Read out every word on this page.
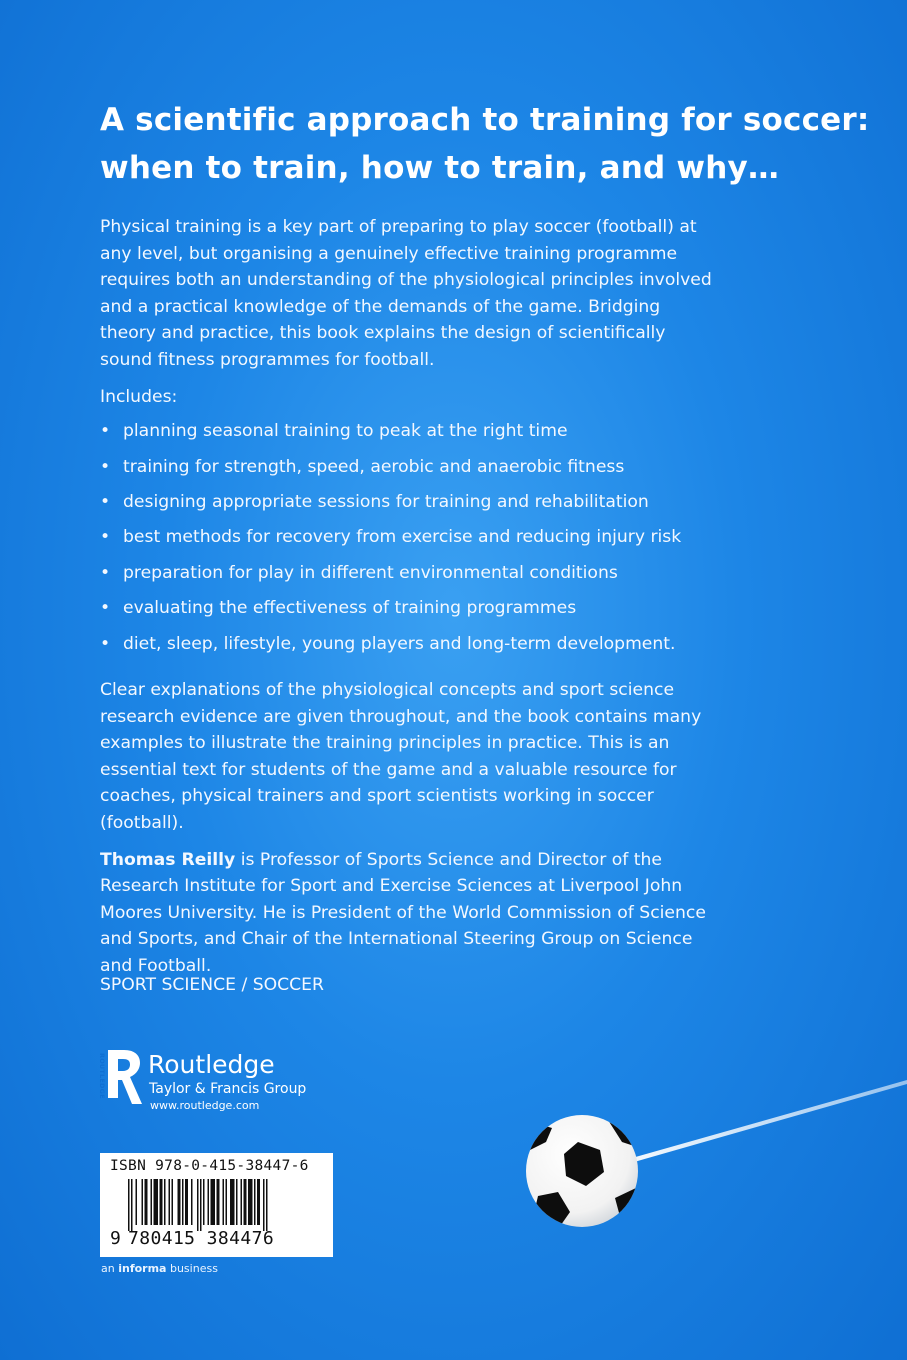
A scientific approach to training for soccer:
when to train, how to train, and why…

Physical training is a key part of preparing to play soccer (football) at any level, but organising a genuinely effective training programme requires both an understanding of the physiological principles involved and a practical knowledge of the demands of the game. Bridging theory and practice, this book explains the design of scientifically sound fitness programmes for football.

Includes:

• planning seasonal training to peak at the right time
• training for strength, speed, aerobic and anaerobic fitness
• designing appropriate sessions for training and rehabilitation
• best methods for recovery from exercise and reducing injury risk
• preparation for play in different environmental conditions
• evaluating the effectiveness of training programmes
• diet, sleep, lifestyle, young players and long-term development.

Clear explanations of the physiological concepts and sport science research evidence are given throughout, and the book contains many examples to illustrate the training principles in practice. This is an essential text for students of the game and a valuable resource for coaches, physical trainers and sport scientists working in soccer (football).

Thomas Reilly is Professor of Sports Science and Director of the Research Institute for Sport and Exercise Sciences at Liverpool John Moores University. He is President of the World Commission of Science and Sports, and Chair of the International Steering Group on Science and Football.

SPORT SCIENCE / SOCCER
ROUTLEDGE Routledge
Taylor & Francis Group
www.routledge.com
ISBN 978-0-415-38447-6
9 780415 384476
an informa business
